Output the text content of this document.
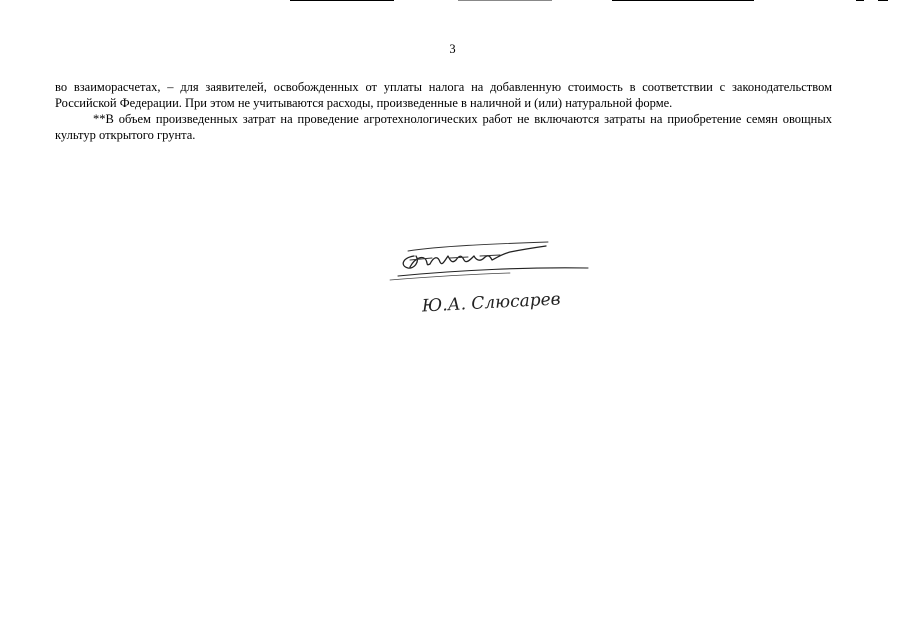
3

во взаиморасчетах, – для заявителей, освобожденных от уплаты налога на добавленную стоимость в соответствии с законодательством Российской Федерации. При этом не учитываются расходы, произведенные в наличной и (или) натуральной форме.

**В объем произведенных затрат на проведение агротехнологических работ не включаются затраты на приобретение семян овощных культур открытого грунта.

Ю.А. Слюсарев
